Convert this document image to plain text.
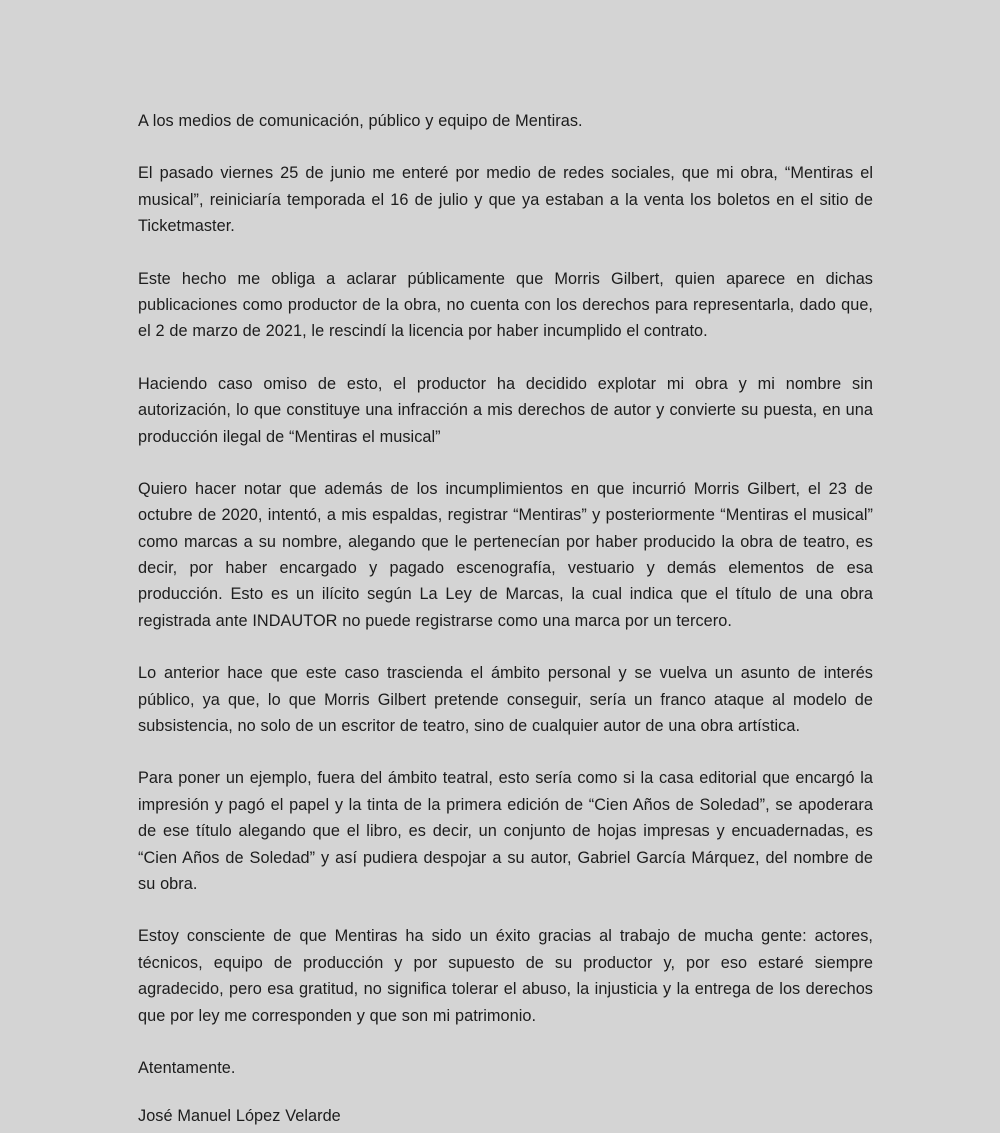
A los medios de comunicación, público y equipo de Mentiras.

El pasado viernes 25 de junio me enteré por medio de redes sociales, que mi obra, “Mentiras el musical”, reiniciaría temporada el 16 de julio y que ya estaban a la venta los boletos en el sitio de Ticketmaster.

Este hecho me obliga a aclarar públicamente que Morris Gilbert, quien aparece en dichas publicaciones como productor de la obra, no cuenta con los derechos para representarla, dado que, el 2 de marzo de 2021, le rescindí la licencia por haber incumplido el contrato.

Haciendo caso omiso de esto, el productor ha decidido explotar mi obra y mi nombre sin autorización, lo que constituye una infracción a mis derechos de autor y convierte su puesta, en una producción ilegal de “Mentiras el musical”

Quiero hacer notar que además de los incumplimientos en que incurrió Morris Gilbert, el 23 de octubre de 2020, intentó, a mis espaldas, registrar “Mentiras” y posteriormente “Mentiras el musical” como marcas a su nombre, alegando que le pertenecían por haber producido la obra de teatro, es decir, por haber encargado y pagado escenografía, vestuario y demás elementos de esa producción. Esto es un ilícito según La Ley de Marcas, la cual indica que el título de una obra registrada ante INDAUTOR no puede registrarse como una marca por un tercero.

Lo anterior hace que este caso trascienda el ámbito personal y se vuelva un asunto de interés público, ya que, lo que Morris Gilbert pretende conseguir, sería un franco ataque al modelo de subsistencia, no solo de un escritor de teatro, sino de cualquier autor de una obra artística.

Para poner un ejemplo, fuera del ámbito teatral, esto sería como si la casa editorial que encargó la impresión y pagó el papel y la tinta de la primera edición de “Cien Años de Soledad”, se apoderara de ese título alegando que el libro, es decir, un conjunto de hojas impresas y encuadernadas, es “Cien Años de Soledad” y así pudiera despojar a su autor, Gabriel García Márquez, del nombre de su obra.

Estoy consciente de que Mentiras ha sido un éxito gracias al trabajo de mucha gente: actores, técnicos, equipo de producción y por supuesto de su productor y, por eso estaré siempre agradecido, pero esa gratitud, no significa tolerar el abuso, la injusticia y la entrega de los derechos que por ley me corresponden y que son mi patrimonio.

Atentamente.

José Manuel López Velarde
